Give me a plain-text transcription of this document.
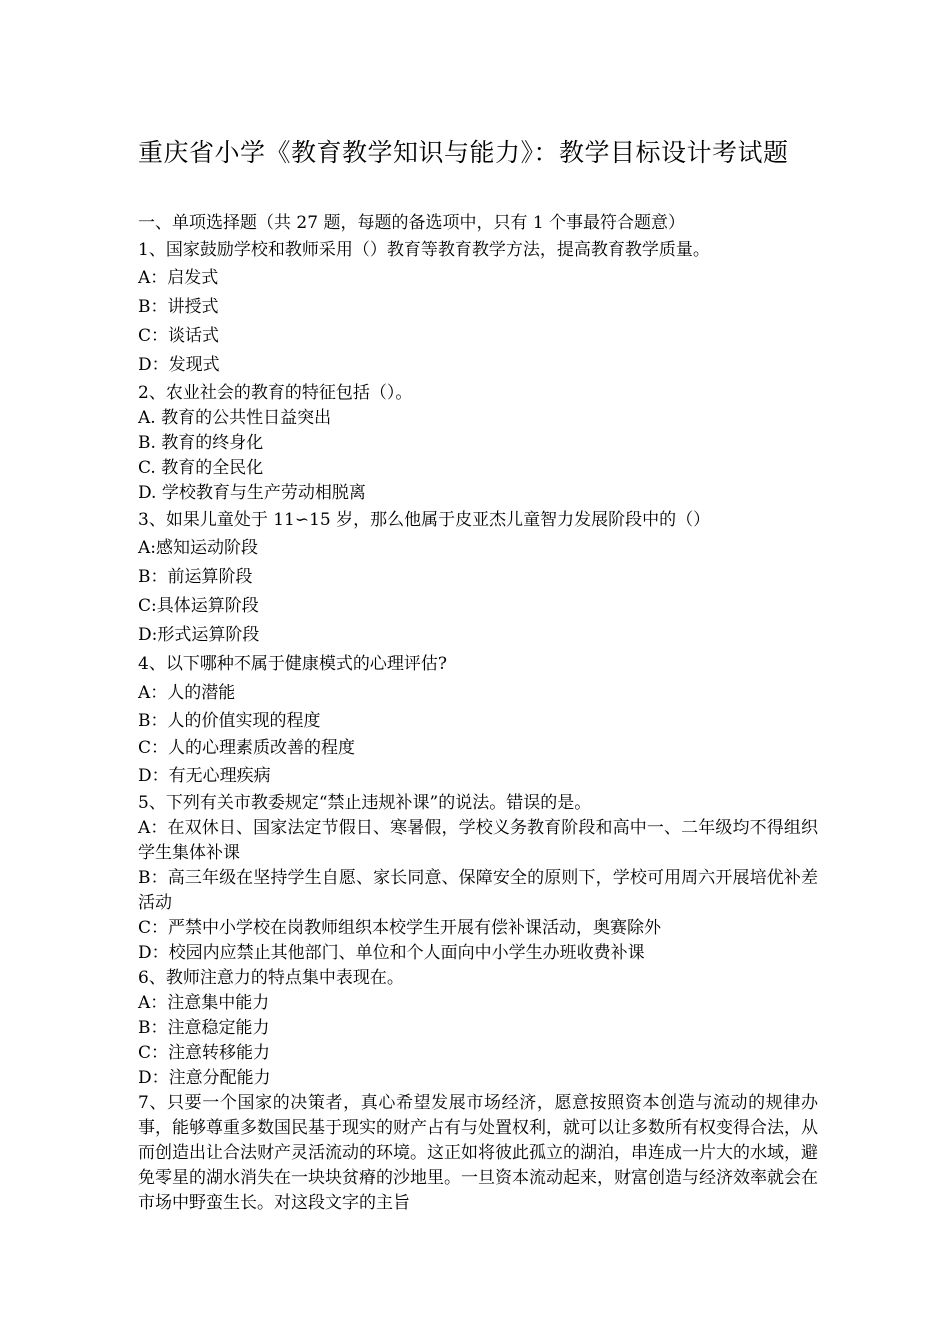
重庆省小学《教育教学知识与能力》：教学目标设计考试题
一、单项选择题（共 27 题，每题的备选项中，只有 1 个事最符合题意）
1、国家鼓励学校和教师采用（）教育等教育教学方法，提高教育教学质量。
A：启发式
B：讲授式
C：谈话式
D：发现式
2、农业社会的教育的特征包括（）。
A. 教育的公共性日益突出
B. 教育的终身化
C. 教育的全民化
D. 学校教育与生产劳动相脱离
3、如果儿童处于 11∽15 岁，那么他属于皮亚杰儿童智力发展阶段中的（）
A:感知运动阶段
B：前运算阶段
C:具体运算阶段
D:形式运算阶段
4、以下哪种不属于健康模式的心理评估?
A：人的潜能
B：人的价值实现的程度
C：人的心理素质改善的程度
D：有无心理疾病
5、下列有关市教委规定“禁止违规补课”的说法。错误的是。
A：在双休日、国家法定节假日、寒暑假，学校义务教育阶段和高中一、二年级均不得组织学生集体补课
B：高三年级在坚持学生自愿、家长同意、保障安全的原则下，学校可用周六开展培优补差活动
C：严禁中小学校在岗教师组织本校学生开展有偿补课活动，奥赛除外
D：校园内应禁止其他部门、单位和个人面向中小学生办班收费补课
6、教师注意力的特点集中表现在。
A：注意集中能力
B：注意稳定能力
C：注意转移能力
D：注意分配能力
7、只要一个国家的决策者，真心希望发展市场经济，愿意按照资本创造与流动的规律办事，能够尊重多数国民基于现实的财产占有与处置权利，就可以让多数所有权变得合法，从而创造出让合法财产灵活流动的环境。这正如将彼此孤立的湖泊，串连成一片大的水域，避免零星的湖水消失在一块块贫瘠的沙地里。一旦资本流动起来，财富创造与经济效率就会在市场中野蛮生长。对这段文字的主旨
